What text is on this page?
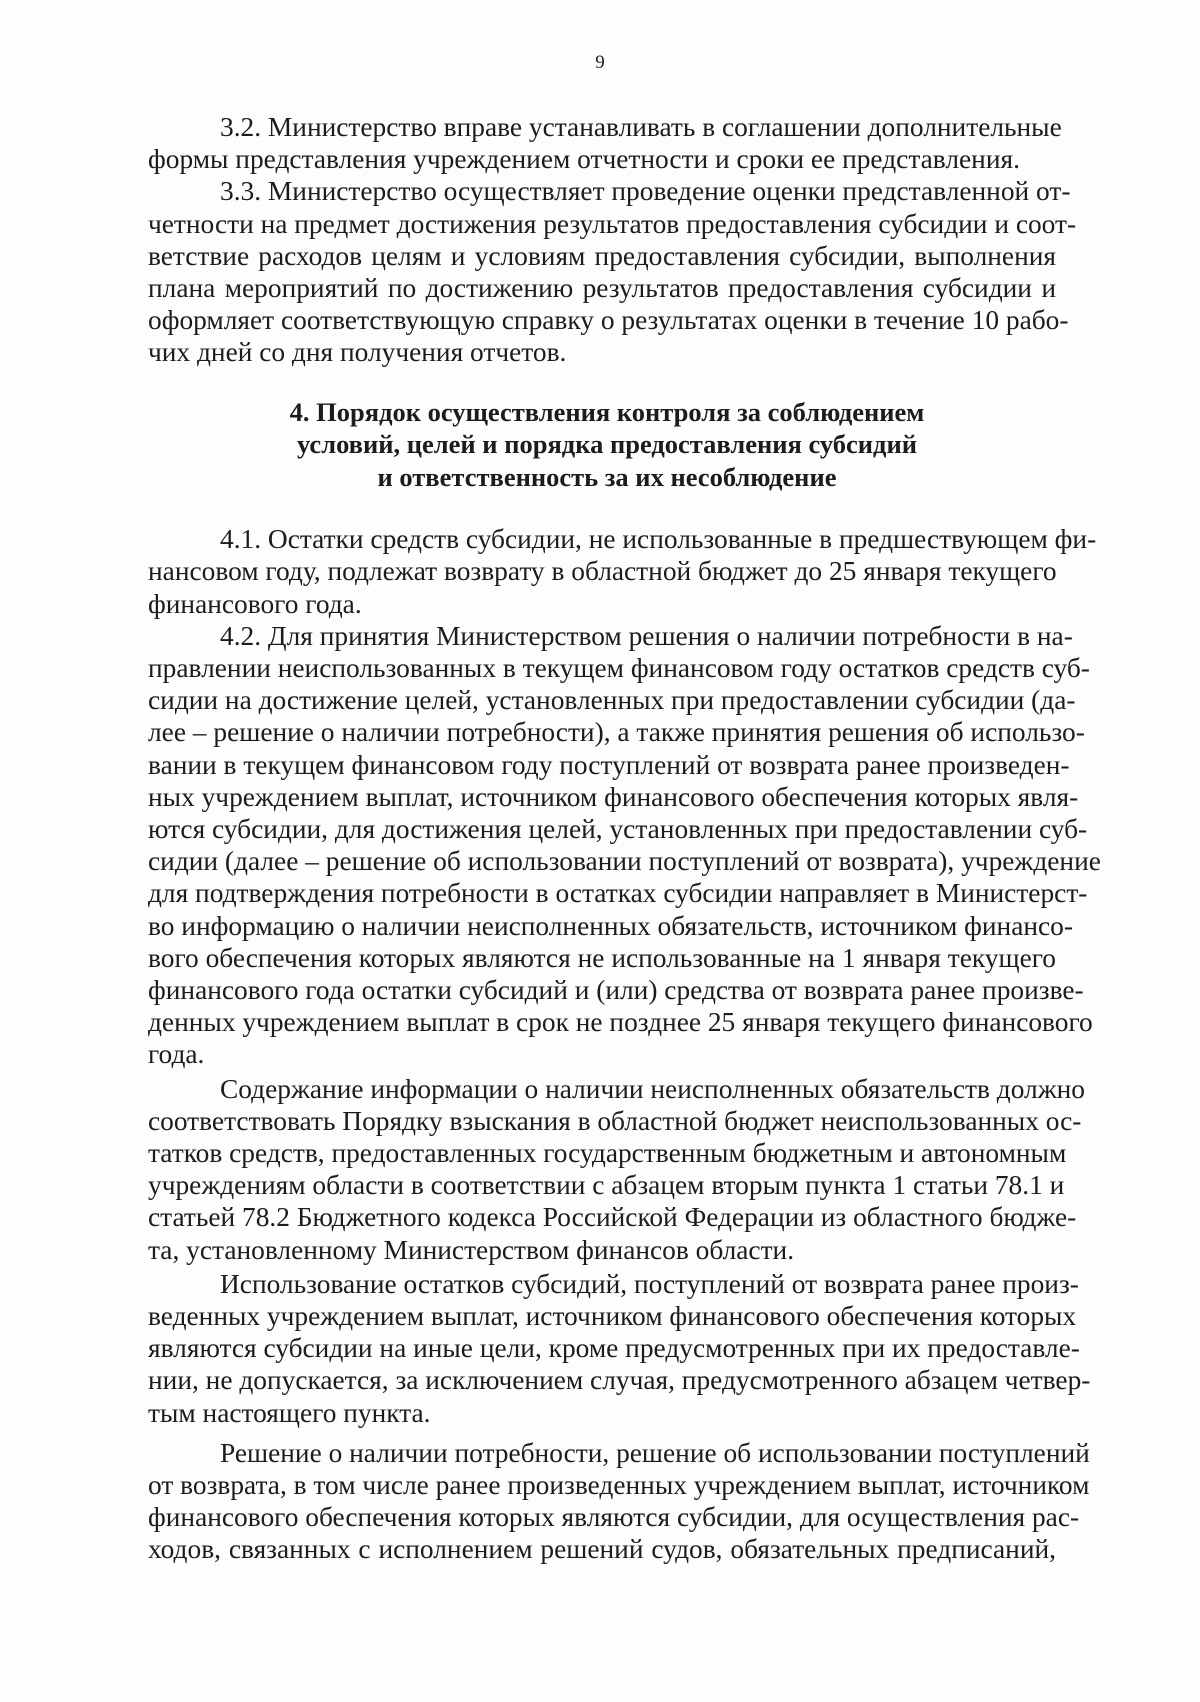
9
3.2. Министерство вправе устанавливать в соглашении дополнительные
формы представления учреждением отчетности и сроки ее представления.
3.3. Министерство осуществляет проведение оценки представленной от-
четности на предмет достижения результатов предоставления субсидии и соот-
ветствие расходов целям и условиям предоставления субсидии, выполнения
плана мероприятий по достижению результатов предоставления субсидии и
оформляет соответствующую справку о результатах оценки в течение 10 рабо-
чих дней со дня получения отчетов.
4. Порядок осуществления контроля за соблюдением
условий, целей и порядка предоставления субсидий
и ответственность за их несоблюдение
4.1. Остатки средств субсидии, не использованные в предшествующем фи-
нансовом году, подлежат возврату в областной бюджет до 25 января текущего
финансового года.
4.2. Для принятия Министерством решения о наличии потребности в на-
правлении неиспользованных в текущем финансовом году остатков средств суб-
сидии на достижение целей, установленных при предоставлении субсидии (да-
лее – решение о наличии потребности), а также принятия решения об использо-
вании в текущем финансовом году поступлений от возврата ранее произведен-
ных учреждением выплат, источником финансового обеспечения которых явля-
ются субсидии, для достижения целей, установленных при предоставлении суб-
сидии (далее – решение об использовании поступлений от возврата), учреждение
для подтверждения потребности в остатках субсидии направляет в Министерст-
во информацию о наличии неисполненных обязательств, источником финансо-
вого обеспечения которых являются не использованные на 1 января текущего
финансового года остатки субсидий и (или) средства от возврата ранее произве-
денных учреждением выплат в срок не позднее 25 января текущего финансового
года.
Содержание информации о наличии неисполненных обязательств должно
соответствовать Порядку взыскания в областной бюджет неиспользованных ос-
татков средств, предоставленных государственным бюджетным и автономным
учреждениям области в соответствии с абзацем вторым пункта 1 статьи 78.1 и
статьей 78.2 Бюджетного кодекса Российской Федерации из областного бюдже-
та, установленному Министерством финансов области.
Использование остатков субсидий, поступлений от возврата ранее произ-
веденных учреждением выплат, источником финансового обеспечения которых
являются субсидии на иные цели, кроме предусмотренных при их предоставле-
нии, не допускается, за исключением случая, предусмотренного абзацем четвер-
тым настоящего пункта.
Решение о наличии потребности, решение об использовании поступлений
от возврата, в том числе ранее произведенных учреждением выплат, источником
финансового обеспечения которых являются субсидии, для осуществления рас-
ходов, связанных с исполнением решений судов, обязательных предписаний,
